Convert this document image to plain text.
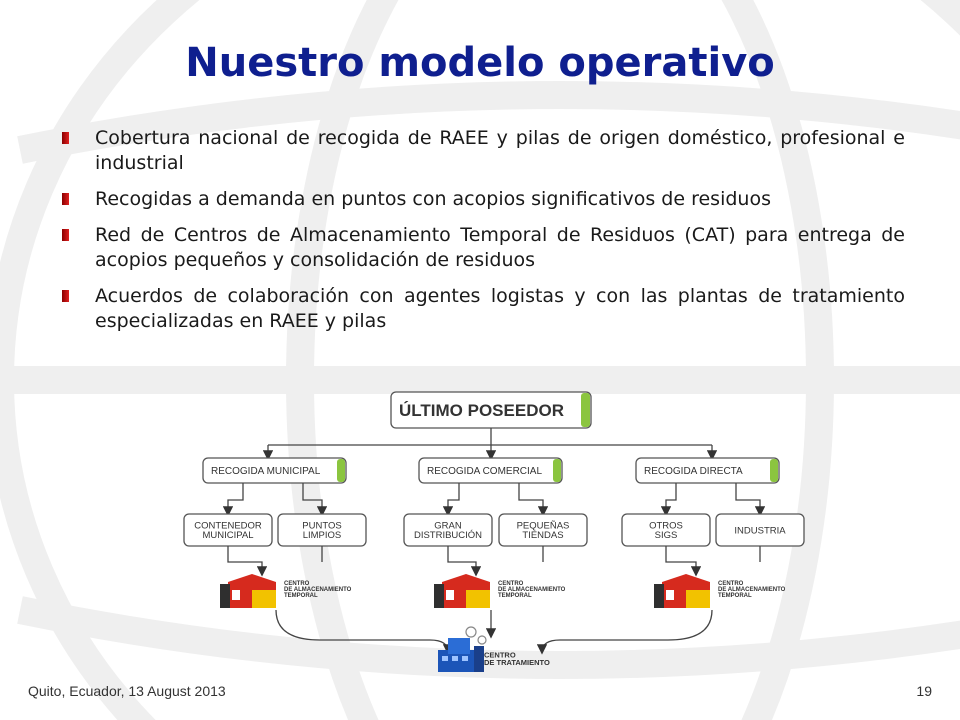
Nuestro modelo operativo
Cobertura nacional de recogida de RAEE y pilas de origen doméstico, profesional e industrial
Recogidas a demanda en puntos con acopios significativos de residuos
Red de Centros de Almacenamiento Temporal de Residuos (CAT) para entrega de acopios pequeños y consolidación de residuos
Acuerdos de colaboración con agentes logistas y con las plantas de tratamiento especializadas en RAEE y pilas
ÚLTIMO POSEEDOR
RECOGIDA MUNICIPAL
CONTENEDOR MUNICIPAL
PUNTOS LIMPIOS
CENTRO DE ALMACENAMIENTO TEMPORAL
RECOGIDA COMERCIAL
GRAN DISTRIBUCIÓN
PEQUEÑAS TIENDAS
CENTRO DE ALMACENAMIENTO TEMPORAL
RECOGIDA DIRECTA
OTROS SIGS	INDUSTRIA
CENTRO DE ALMACENAMIENTO TEMPORAL
CENTRO DE TRATAMIENTO
Quito, Ecuador, 13 August 2013	19
